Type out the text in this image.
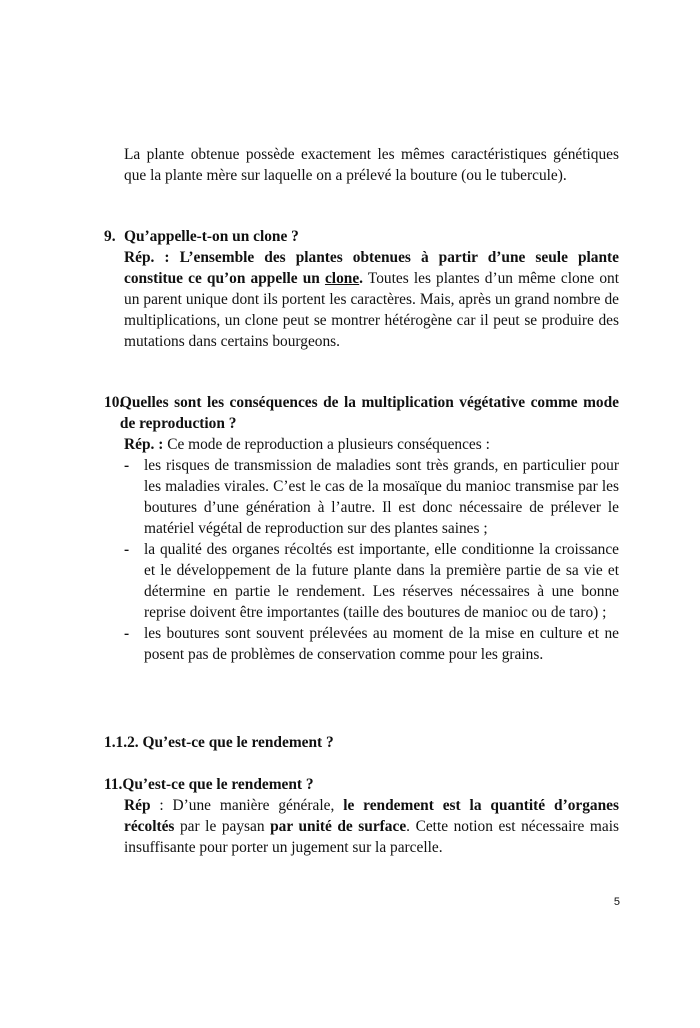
La plante obtenue possède exactement les mêmes caractéristiques génétiques que la plante mère sur laquelle on a prélevé la bouture (ou le tubercule).

9. Qu’appelle-t-on un clone ?

Rép. : L’ensemble des plantes obtenues à partir d’une seule plante constitue ce qu’on appelle un clone. Toutes les plantes d’un même clone ont un parent unique dont ils portent les caractères. Mais, après un grand nombre de multiplications, un clone peut se montrer hétérogène car il peut se produire des mutations dans certains bourgeons.

10.
Quelles sont les conséquences de la multiplication végétative comme mode de reproduction ?

Rép. : Ce mode de reproduction a plusieurs conséquences :

- les risques de transmission de maladies sont très grands, en particulier pour les maladies virales. C’est le cas de la mosaïque du manioc transmise par les boutures d’une génération à l’autre. Il est donc nécessaire de prélever le matériel végétal de reproduction sur des plantes saines ;
- la qualité des organes récoltés est importante, elle conditionne la croissance et le développement de la future plante dans la première partie de sa vie et détermine en partie le rendement. Les réserves nécessaires à une bonne reprise doivent être importantes (taille des boutures de manioc ou de taro) ;
- les boutures sont souvent prélevées au moment de la mise en culture et ne posent pas de problèmes de conservation comme pour les grains.

1.1.2. Qu’est-ce que le rendement ?

11. Qu’est-ce que le rendement ?

Rép : D’une manière générale, le rendement est la quantité d’organes récoltés par le paysan par unité de surface. Cette notion est nécessaire mais insuffisante pour porter un jugement sur la parcelle.

5
